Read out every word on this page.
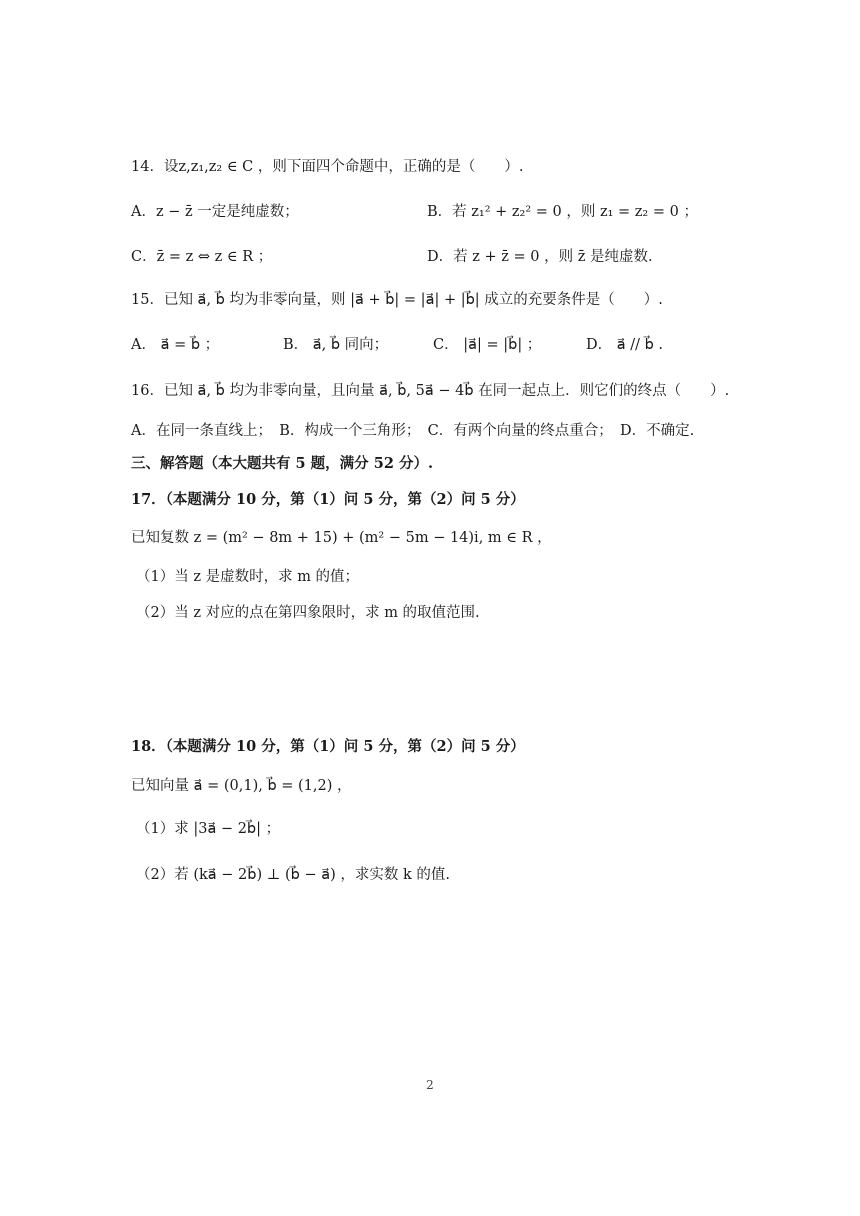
14．设z,z₁,z₂ ∈ C ，则下面四个命题中，正确的是（　　）.
A．z − z̄ 一定是纯虚数；	B．若 z₁² + z₂² = 0 ，则 z₁ = z₂ = 0 ；
C．z̄ = z ⇔ z ∈ R ；	D．若 z + z̄ = 0 ，则 z̄ 是纯虚数.
15．已知 a⃗, b⃗ 均为非零向量，则 |a⃗ + b⃗| = |a⃗| + |b⃗| 成立的充要条件是（　　）.
A． a⃗ = b⃗ ；	B． a⃗, b⃗ 同向；	C． |a⃗| = |b⃗| ；	D． a⃗ // b⃗ .
16．已知 a⃗, b⃗ 均为非零向量，且向量 a⃗, b⃗, 5a⃗ − 4b⃗ 在同一起点上．则它们的终点（　　）.
A．在同一条直线上；　B．构成一个三角形；　C．有两个向量的终点重合；　D．不确定.
三、解答题（本大题共有 5 题，满分 52 分）.
17．（本题满分 10 分，第（1）问 5 分，第（2）问 5 分）
已知复数 z = (m² − 8m + 15) + (m² − 5m − 14)i, m ∈ R ，
（1）当 z 是虚数时，求 m 的值；
（2）当 z 对应的点在第四象限时，求 m 的取值范围.
18．（本题满分 10 分，第（1）问 5 分，第（2）问 5 分）
已知向量 a⃗ = (0,1), b⃗ = (1,2) ，
（1）求 |3a⃗ − 2b⃗| ；
（2）若 (ka⃗ − 2b⃗) ⊥ (b⃗ − a⃗) ，求实数 k 的值.
2
